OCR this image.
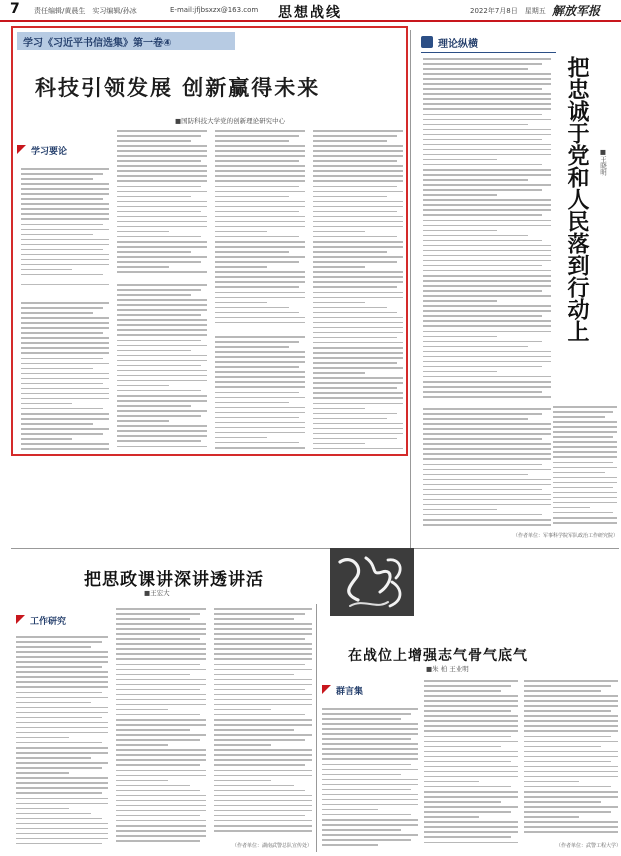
7 责任编辑/黄晨生　实习编辑/孙冰	E-mail:jfjbsxzx@163.com 思想战线	2022年7月8日　星期五 解放军报
学习《习近平书信选集》第一卷④
科技引领发展 创新赢得未来
■国防科技大学党的创新理论研究中心
学习要论
理论纵横
把忠诚于党和人民落到行动上	■王晓明
（作者单位：军事科学院军队政治工作研究院）
把思政课讲深讲透讲活
■王宏大
工作研究
（作者单位：湖南武警总队宣传处）
在战位上增强志气骨气底气
■朱 柏 王业明
群言集
（作者单位：武警工程大学）
